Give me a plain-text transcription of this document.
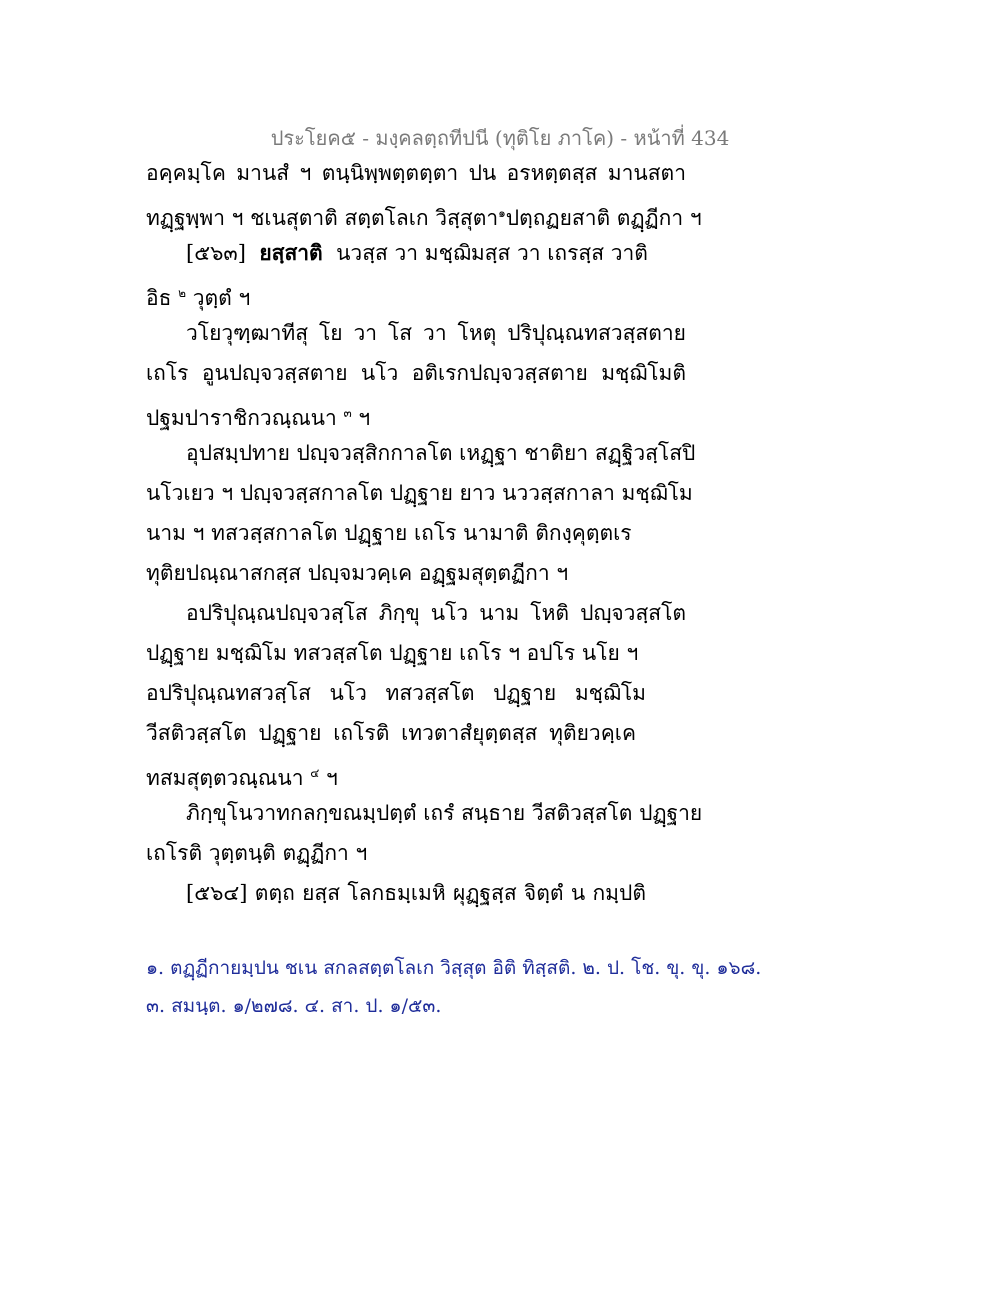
ประโยค๕ - มงฺคลตฺถทีปนี (ทุติโย ภาโค) - หน้าที่ 434
อคฺคมฺโค มานสํ ฯ ตนฺนิพฺพตฺตตฺตา ปน อรหตฺตสฺส มานสตา
ทฏฺฐพฺพา ฯ ชเนสุตาติ สตฺตโลเก วิสฺสุตา$^๑$ปตฺถฏยสาติ ตฏฺฏีกา ฯ
[๕๖๓] ยสฺสาติ นวสฺส วา มชฺฌิมสฺส วา เถรสฺส วาติ
อิธ $^๒$ วุตฺตํ ฯ
วโยวุฑฺฒาทีสุ โย วา โส วา โหตุ ปริปุณฺณทสวสฺสตาย
เถโร อูนปญฺจวสฺสตาย นโว อติเรกปญฺจวสฺสตาย มชฺฌิโมติ
ปฐมปาราชิกวณฺณนา $^๓$ ฯ
อุปสมฺปทาย ปญฺจวสฺสิกกาลโต เหฏฺฐา ชาติยา สฏฺฐิวสฺโสปิ
นโวเยว ฯ ปญฺจวสฺสกาลโต ปฏฺฐาย ยาว นววสฺสกาลา มชฺฌิโม
นาม ฯ ทสวสฺสกาลโต ปฏฺฐาย เถโร นามาติ ติกงฺคุตฺตเร
ทุติยปณฺณาสกสฺส ปญฺจมวคฺเค อฏฺฐมสุตฺตฏีกา ฯ
อปริปุณฺณปญฺจวสฺโส ภิกฺขุ นโว นาม โหติ ปญฺจวสฺสโต
ปฏฺฐาย มชฺฌิโม ทสวสฺสโต ปฏฺฐาย เถโร ฯ อปโร นโย ฯ
อปริปุณฺณทสวสฺโส นโว ทสวสฺสโต ปฏฺฐาย มชฺฌิโม
วีสติวสฺสโต ปฏฺฐาย เถโรติ เทวตาสํยุตฺตสฺส ทุติยวคฺเค
ทสมสุตฺตวณฺณนา $^๔$ ฯ
ภิกฺขุโนวาทกลกฺขณมฺปตฺตํ เถรํ สนฺธาย วีสติวสฺสโต ปฏฺฐาย
เถโรติ วุตฺตนฺติ ตฏฺฏีกา ฯ
[๕๖๔] ตตฺถ ยสฺส โลกธมฺเมหิ ผุฏฺฐสฺส จิตฺตํ น กมฺปติ
๑. ตฏฺฏีกายมฺปน ชเน สกลสตฺตโลเก วิสฺสุต อิติ ทิสฺสติ. ๒. ป. โช. ขุ. ขุ. ๑๖๘.
๓. สมนฺต. ๑/๒๗๘. ๔. สา. ป. ๑/๕๓.
